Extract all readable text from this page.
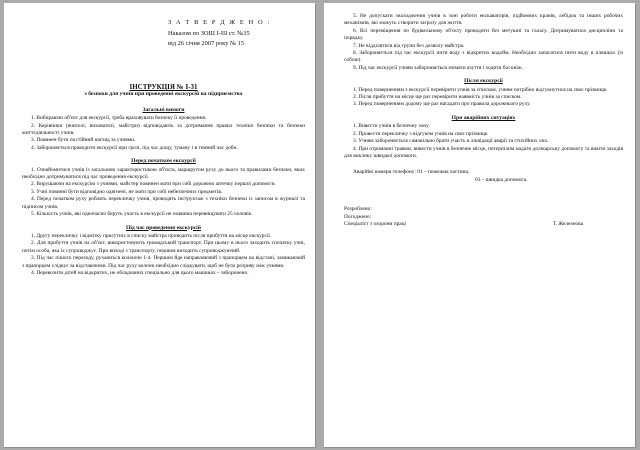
З А Т В Е Р Д Ж Е Н О :
Наказом по ЗОШ І-ІІІ ст. №35
від 26 січня 2007 року № 15

ІНСТРУКЦІЯ № І-31

з безпеки для учнів при проведенні екскурсій на підприємства

Загальні вимоги

1. Вибираючи об'єкт для екскурсії, треба враховувати безпеку її проведення.

2. Керівники (вчителі, вихователі, майстри) відповідають за дотримання правил техніки безпеки та безпеки життєдіяльності учнів.

3. Повинен бути постійний нагляд за учнями.

4. Забороняється проводити екскурсії при грозі, під час дощу, туману і в темний час доби.

Перед початком екскурсії

1. Ознайомитися учнів із загальною характеристикою об'єкта, маршрутом руху до нього та правилами безпеки, яких необхідно дотримуватися під час проведення екскурсії.

2. Вирушаючи на екскурсію з учнями, майстер повинен мати при собі дорожню аптечку першої допомоги.

3. Учні повинні бути відповідно одягнені, не мати при собі небезпечних предметів.

4. Перед початком руху роблять перекличку учнів, проводять інструктаж з техніки безпеки із записом в журналі та підписом учнів.

5. Кількість учнів, які одночасно беруть участь в екскурсії не повинна перевищувати 25 чоловік.

Під час проведення екскурсій

1. Другу перекличку і відмітку присутніх в списку майстра проводить після прибуття на місце екскурсії.

2. Для прибуття учнів на об'єкт, використовують громадський транспорт. При цьому в нього заходить спочатку учні, потім особа, яка їх супроводжує. При виході з транспорту, першим виходить супроводжуючий.

3. Під час пішого переходу, рухаються колоною 1-4. Першим йде направляючий з прапорцем на відстані, замикаючий з прапорцем слідкує за відстаючими. Під час руху колони необхідно слідкувати, щоб не було розриву між учнями.

4. Перевозити дітей на відкритих, не обладнаних спеціально для цього машинах – заборонено.

5. Не допускати знаходження учнів в зоні роботи екскаваторів, підйомних кранів, лебідок та інших робочих механізмів, які можуть створити загрозу для життя.

6. Всі переміщення по будівельному об'єкту проводити без метушні та галасу. Дотримуватися дисципліни та порядку.

7. Не відділятися від групи без дозволу майстра.

8. Забороняється під час екскурсії пити воду з відкритих водойм. Необхідно запасатися питн воду в пляшках (із собою).

9. Під час екскурсії учням забороняється знімати взуття і ходити босоніж.

Після екскурсії

1. Перед поверненням з екскурсії перевірити учнів за списком, учням потрібно відгукнутися на своє прізвище.

2. Після прибуття на місце ще раз перевірити наявність учнів за списком.

3. Перед поверненням додому ще раз нагадати про правила дорожнього руху.

При аварійних ситуаціях

1. Вивести учнів в безпечну зону.

2. Провести перекличку з відгуком учнів на своє прізвище.

3. Учням забороняється самовільно брати участь в ліквідації аварії та стихійних лих.

4. При отриманні травми, вивести учнів в безпечне місце, потерпілим надати долікарську допомогу та вжити заходів для виклику швидкої допомоги.

Аварійні номери телефону: 01 – пожежна частина,
03 – швидка допомога.

Розроблено:

Погоджено:

Спеціаліст з охорони праці	Т. Железнова
